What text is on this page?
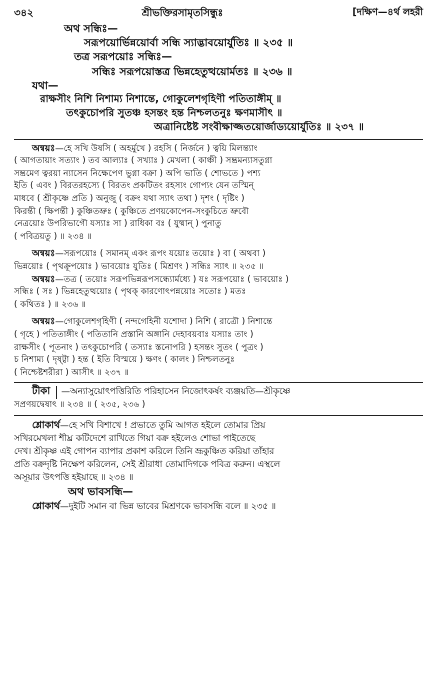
৩৪২	শ্রীভক্তিরসামৃতসিন্ধুঃ	[দক্ষিণ—৪র্থ লহরী
অথ সন্ধিঃ—
সরূপয়োর্ভিন্নয়োর্বা সন্ধি স্যাদ্ভাবয়োর্যুতিঃ ॥ ২৩৫ ॥
তত্র সরূপয়োঃ সন্ধিঃ—
সন্ধিঃ সরূপয়োস্তত্র ভিন্নহেতুত্থয়োর্মতঃ ॥ ২৩৬ ॥
যথা—
রাক্ষসীং নিশি নিশাম্য নিশান্তে, গোকুলেশগৃহিণী পতিতাঙ্গীম্ ॥
তৎকুচোপরি সুতঞ্চ হসন্তং হন্ত নিশ্চলতনুঃ ক্ষণমাসীৎ ॥
অত্রানিষ্টেষ্ট সংবীক্ষাজ্জতয়োর্জাড্যয়োর্যুতিঃ ॥ ২৩৭ ॥
অন্বয়ঃ—হে সখি উষসি ( অহর্মুখে ) রহসি ( নির্জনে ) ত্বয়ি মিলন্ত্যাং
( আগতায়াং সত্যাং ) তব আল্যাঃ ( সখ্যাঃ ) মেখলা ( কাঞ্চী ) সম্ভ্রমন্যাসতুগ্না
সম্ভ্রমেণ ত্বরয়া ন্যাসেন নিক্ষেপেণ ভুগ্না বক্রা ) অপি ভাতি ( শোভতে ) পশ্য
ইতি ( এবং ) বিরতরহস্যে ( বিরতং প্রকটিতং রহস্যং গোপ্যং যেন তস্মিন্
মাধবে ( শ্রীকৃষ্ণে প্রতি ) অনুজু ( বক্রং যথা স্যাৎ তথা ) দৃশং ( দৃষ্টিং )
কিরন্তী ( ক্ষিপন্তী ) কুঞ্চিতভ্রুঃ ( কুঞ্চিতে প্রণয়কোপেন-সংকুচিতে ভ্রুবৌ
নেত্রয়োঃ উপরিভাগৌ যস্যাঃ সা ) রাধিকা বঃ ( যুষ্মান্ ) পুনাতু
( পবিত্রয়তু ) ॥ ২৩৪ ॥
অন্বয়ঃ—সরূপয়োঃ ( সমানম্ একং রূপং যয়োঃ তয়োঃ ) বা ( অথবা )
ভিন্নয়োঃ ( পৃথক্রূপয়োঃ ) ভাবয়োঃ যুতিঃ ( মিশ্রণং ) সন্ধিঃ স্যাৎ ॥ ২৩৫ ॥
অন্বয়ঃ—তত্র ( তয়োঃ সরূপভিন্নরূপসন্ধ্যোর্মধ্যে ) যঃ সরূপয়োঃ ( ভাবয়োঃ )
সন্ধিঃ ( সঃ ) ভিন্নহেতুত্থয়োঃ ( পৃথক্ কারণোৎপন্নয়োঃ সতোঃ ) মতঃ
( কথিতঃ ) ॥ ২৩৬ ॥
অন্বয়ঃ—গোকুলেশগৃহিণী ( নন্দগেহিনী যশোদা ) নিশি ( রাত্রৌ ) নিশান্তে
( গৃহে ) পতিতাঙ্গীং ( পতিতানি প্রস্তানি অঙ্গানি দেহাবয়বাঃ যস্যাঃ তাং )
রাক্ষসীং ( পূতনাং ) তৎকুচোপরি ( তস্যাঃ স্তনোপরি ) হসন্তং সুতং ( পুত্রং )
চ নিশাম্য ( দৃষ্ট্বা ) হন্ত ( ইতি বিস্ময়ে ) ক্ষণং ( কালং ) নিশ্চলতনুঃ
( নিশ্চেষ্টশরীরা ) আসীৎ ॥ ২৩৭ ॥
টীকা	—অন্যাসুয়োৎপত্তিরিতি পরিহাসেন নিজোৎকর্ষং ব্যঞ্জয়তি—শ্রীকৃষ্ণে
সপ্রণয়দ্বেষাৎ ॥ ২৩৪ ॥ ( ২৩৫, ২৩৬ )
শ্লোকার্থ—হে সখি বিশাখে ! প্রভাতে তুমি আগত হইলে তোমার প্রিয়
সখিরমেখলা শীঘ্র কটিদেশে রাখিতে গিয়া বক্র হইলেও শোভা পাইতেছে
দেখ। শ্রীকৃষ্ণ এই গোপন ব্যাপার প্রকাশ করিলে তিনি ভ্রূকুঞ্চিত করিয়া তাঁহার
প্রতি বক্রদৃষ্টি নিক্ষেপ করিলেন, সেই শ্রীরাধা তোমাদিগকে পবিত্র করুন। এস্থলে
অসূয়ার উৎপত্তি হইয়াছে ॥ ২৩৪ ॥
অথ ভাবসন্ধি—
শ্লোকার্থ—দুইটি সমান বা ভিন্ন ভাবের মিশ্রণকে ভাবসন্ধি বলে ॥ ২৩৫ ॥
